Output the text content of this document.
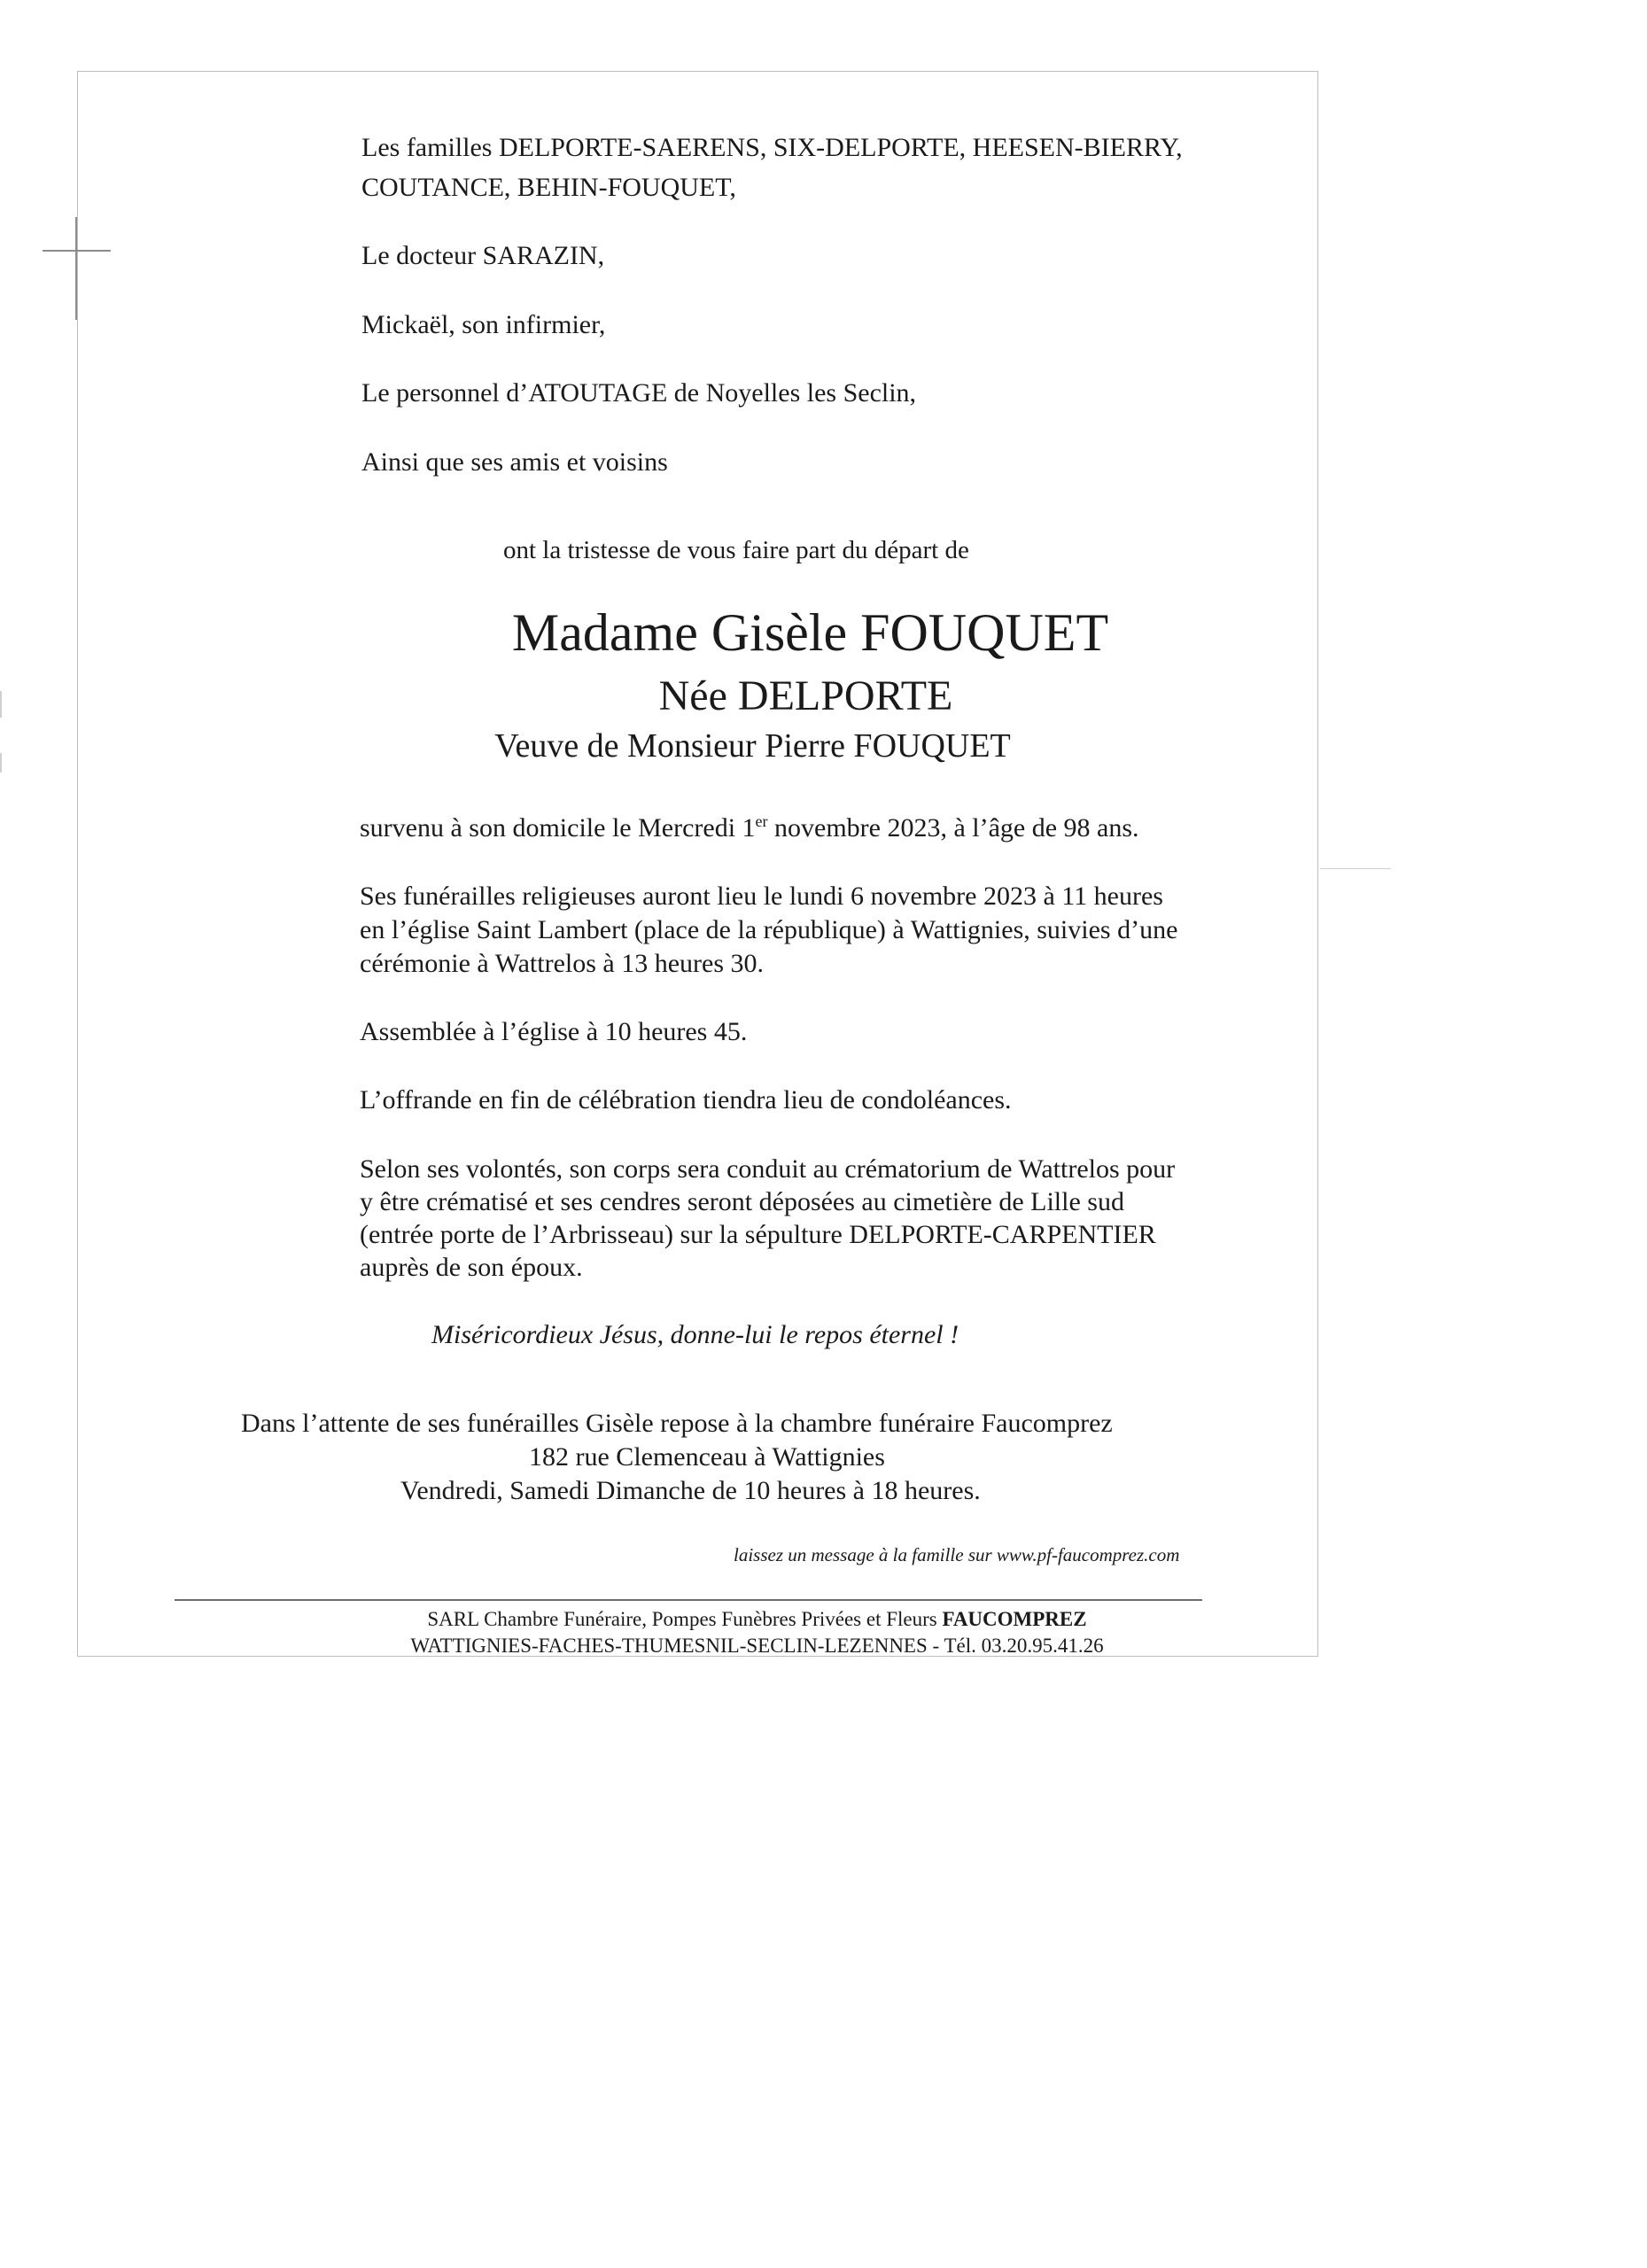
Les familles DELPORTE-SAERENS, SIX-DELPORTE, HEESEN-BIERRY,
COUTANCE, BEHIN-FOUQUET,
Le docteur SARAZIN,
Mickaël, son infirmier,
Le personnel d’ATOUTAGE de Noyelles les Seclin,
Ainsi que ses amis et voisins
ont la tristesse de vous faire part du départ de
Madame Gisèle FOUQUET
Née DELPORTE
Veuve de Monsieur Pierre FOUQUET
survenu à son domicile le Mercredi 1er novembre 2023, à l’âge de 98 ans.
Ses funérailles religieuses auront lieu le lundi 6 novembre 2023 à 11 heures
en l’église Saint Lambert (place de la république) à Wattignies, suivies d’une
cérémonie à Wattrelos à 13 heures 30.
Assemblée à l’église à 10 heures 45.
L’offrande en fin de célébration tiendra lieu de condoléances.
Selon ses volontés, son corps sera conduit au crématorium de Wattrelos pour
y être crématisé et ses cendres seront déposées au cimetière de Lille sud
(entrée porte de l’Arbrisseau) sur la sépulture DELPORTE-CARPENTIER
auprès de son époux.
Miséricordieux Jésus, donne-lui le repos éternel !
Dans l’attente de ses funérailles Gisèle repose à la chambre funéraire Faucomprez
182 rue Clemenceau à Wattignies
Vendredi, Samedi Dimanche de 10 heures à 18 heures.
laissez un message à la famille sur www.pf-faucomprez.com
SARL Chambre Funéraire, Pompes Funèbres Privées et Fleurs FAUCOMPREZ
WATTIGNIES-FACHES-THUMESNIL-SECLIN-LEZENNES - Tél. 03.20.95.41.26
